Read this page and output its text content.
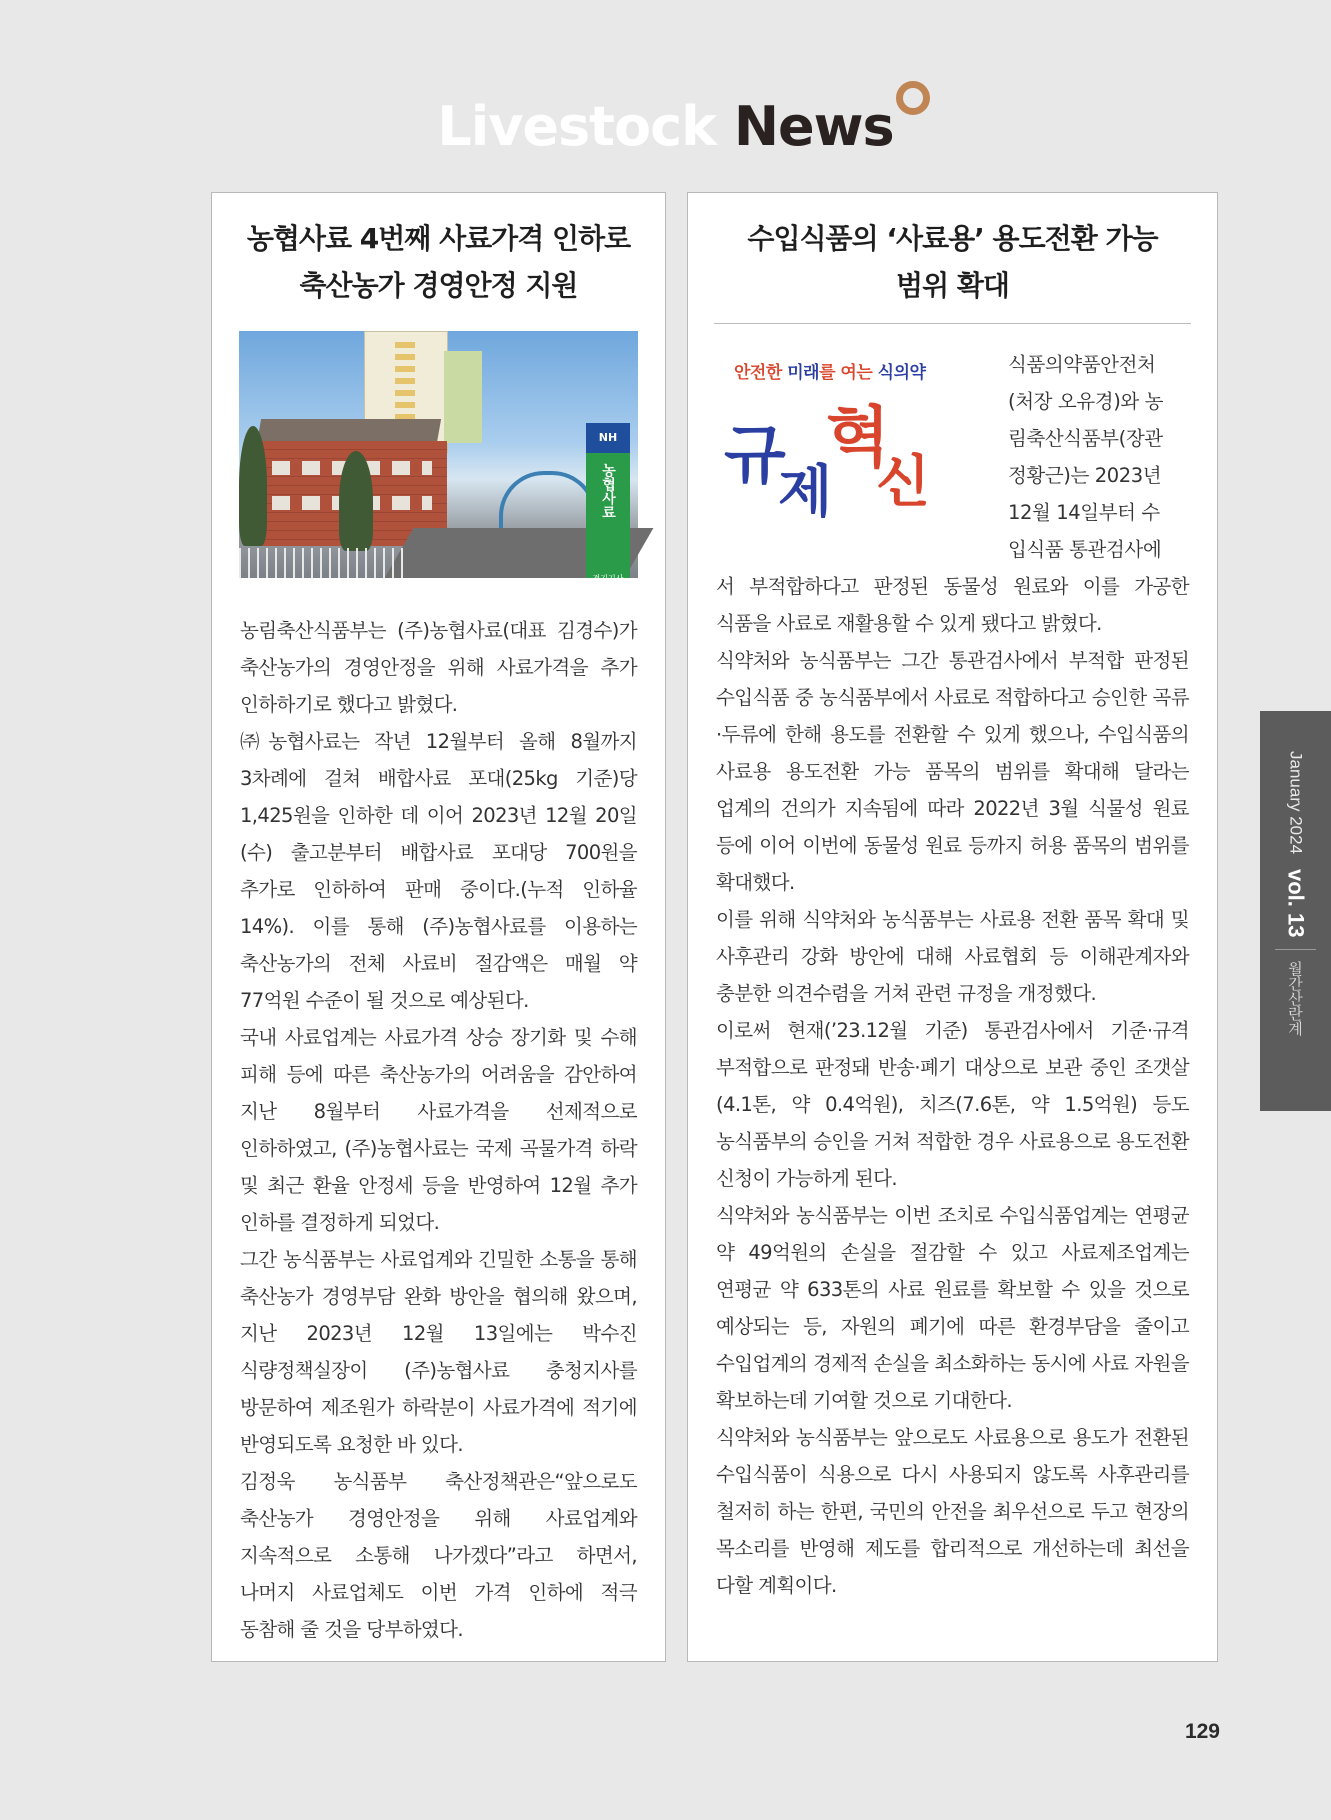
Livestock News
농협사료 4번째 사료가격 인하로
축산농가 경영안정 지원
NH
농협사료
경기지사

농림축산식품부는 (주)농협사료(대표 김경수)가 축산농가의 경영안정을 위해 사료가격을 추가 인하하기로 했다고 밝혔다.

㈜농협사료는 작년 12월부터 올해 8월까지 3차례에 걸쳐 배합사료 포대(25kg 기준)당 1,425원을 인하한 데 이어 2023년 12월 20일(수) 출고분부터 배합사료 포대당 700원을 추가로 인하하여 판매 중이다.(누적 인하율 14%). 이를 통해 (주)농협사료를 이용하는 축산농가의 전체 사료비 절감액은 매월 약 77억원 수준이 될 것으로 예상된다.

국내 사료업계는 사료가격 상승 장기화 및 수해 피해 등에 따른 축산농가의 어려움을 감안하여 지난 8월부터 사료가격을 선제적으로 인하하였고, (주)농협사료는 국제 곡물가격 하락 및 최근 환율 안정세 등을 반영하여 12월 추가 인하를 결정하게 되었다.

그간 농식품부는 사료업계와 긴밀한 소통을 통해 축산농가 경영부담 완화 방안을 협의해 왔으며, 지난 2023년 12월 13일에는 박수진 식량정책실장이 (주)농협사료 충청지사를 방문하여 제조원가 하락분이 사료가격에 적기에 반영되도록 요청한 바 있다.

김정욱 농식품부 축산정책관은“앞으로도 축산농가 경영안정을 위해 사료업계와 지속적으로 소통해 나가겠다”라고 하면서, 나머지 사료업체도 이번 가격 인하에 적극 동참해 줄 것을 당부하였다.

수입식품의 ‘사료용’ 용도전환 가능
범위 확대
안전한 미래를 여는 식의약
규
제
혁
신

식품의약품안전처

(처장 오유경)와 농

림축산식품부(장관

정황근)는 2023년

12월 14일부터 수

입식품 통관검사에

서 부적합하다고 판정된 동물성 원료와 이를 가공한 식품을 사료로 재활용할 수 있게 됐다고 밝혔다.

식약처와 농식품부는 그간 통관검사에서 부적합 판정된 수입식품 중 농식품부에서 사료로 적합하다고 승인한 곡류·두류에 한해 용도를 전환할 수 있게 했으나, 수입식품의 사료용 용도전환 가능 품목의 범위를 확대해 달라는 업계의 건의가 지속됨에 따라 2022년 3월 식물성 원료 등에 이어 이번에 동물성 원료 등까지 허용 품목의 범위를 확대했다.

이를 위해 식약처와 농식품부는 사료용 전환 품목 확대 및 사후관리 강화 방안에 대해 사료협회 등 이해관계자와 충분한 의견수렴을 거쳐 관련 규정을 개정했다.

이로써 현재(’23.12월 기준) 통관검사에서 기준·규격 부적합으로 판정돼 반송·폐기 대상으로 보관 중인 조갯살(4.1톤, 약 0.4억원), 치즈(7.6톤, 약 1.5억원) 등도 농식품부의 승인을 거쳐 적합한 경우 사료용으로 용도전환 신청이 가능하게 된다.

식약처와 농식품부는 이번 조치로 수입식품업계는 연평균 약 49억원의 손실을 절감할 수 있고 사료제조업계는 연평균 약 633톤의 사료 원료를 확보할 수 있을 것으로 예상되는 등, 자원의 폐기에 따른 환경부담을 줄이고 수입업계의 경제적 손실을 최소화하는 동시에 사료 자원을 확보하는데 기여할 것으로 기대한다.

식약처와 농식품부는 앞으로도 사료용으로 용도가 전환된 수입식품이 식용으로 다시 사용되지 않도록 사후관리를 철저히 하는 한편, 국민의 안전을 최우선으로 두고 현장의 목소리를 반영해 제도를 합리적으로 개선하는데 최선을 다할 계획이다.

January 2024 vol. 13
월간산란계
129
